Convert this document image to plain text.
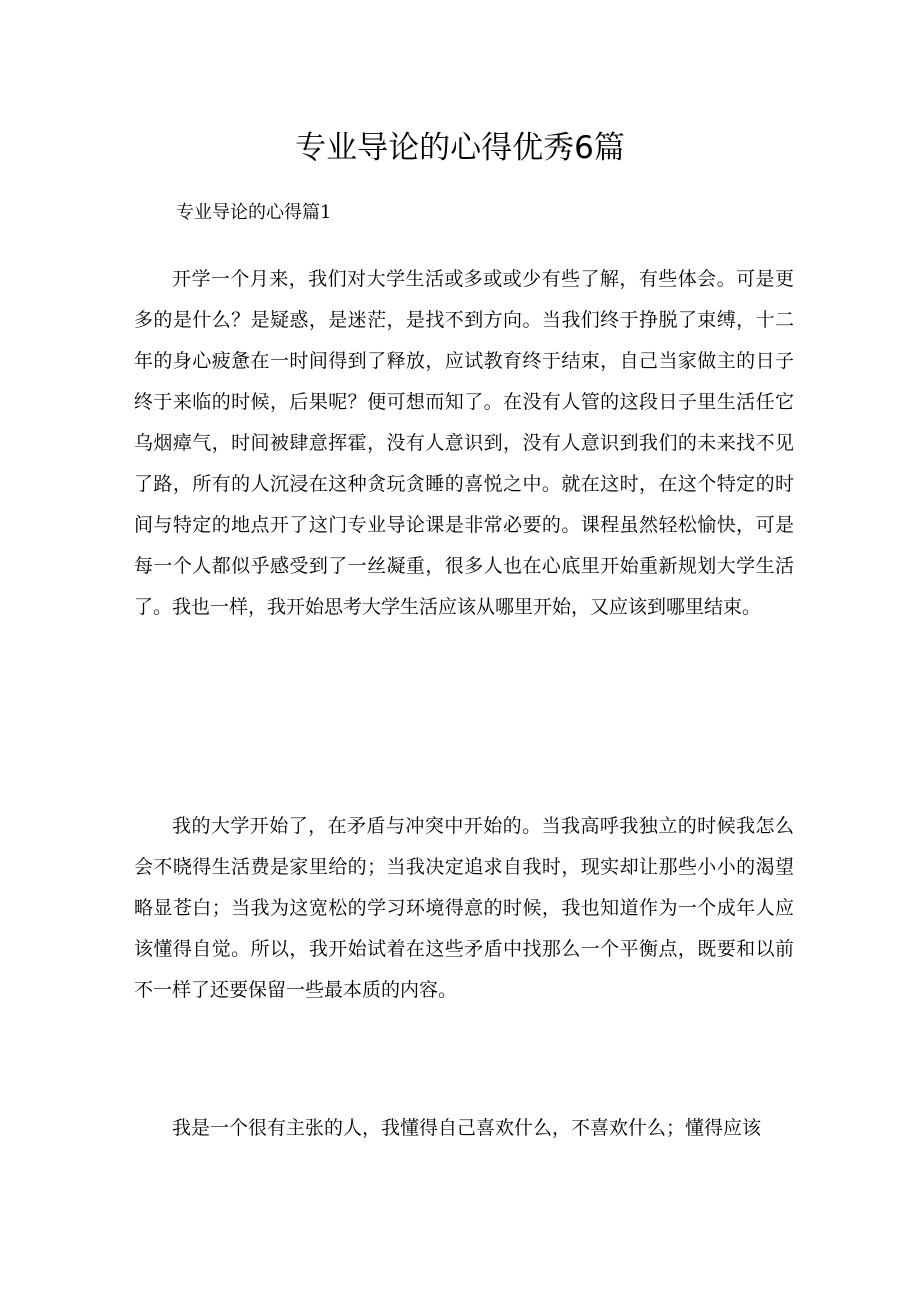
专业导论的心得优秀6篇

专业导论的心得篇1

开学一个月来，我们对大学生活或多或或少有些了解，有些体会。可是更多的是什么？是疑惑，是迷茫，是找不到方向。当我们终于挣脱了束缚，十二年的身心疲惫在一时间得到了释放，应试教育终于结束，自己当家做主的日子终于来临的时候，后果呢？便可想而知了。在没有人管的这段日子里生活任它乌烟瘴气，时间被肆意挥霍，没有人意识到，没有人意识到我们的未来找不见了路，所有的人沉浸在这种贪玩贪睡的喜悦之中。就在这时，在这个特定的时间与特定的地点开了这门专业导论课是非常必要的。课程虽然轻松愉快，可是每一个人都似乎感受到了一丝凝重，很多人也在心底里开始重新规划大学生活了。我也一样，我开始思考大学生活应该从哪里开始，又应该到哪里结束。

我的大学开始了，在矛盾与冲突中开始的。当我高呼我独立的时候我怎么会不晓得生活费是家里给的；当我决定追求自我时，现实却让那些小小的渴望略显苍白；当我为这宽松的学习环境得意的时候，我也知道作为一个成年人应该懂得自觉。所以，我开始试着在这些矛盾中找那么一个平衡点，既要和以前不一样了还要保留一些最本质的内容。

我是一个很有主张的人，我懂得自己喜欢什么，不喜欢什么；懂得应该
